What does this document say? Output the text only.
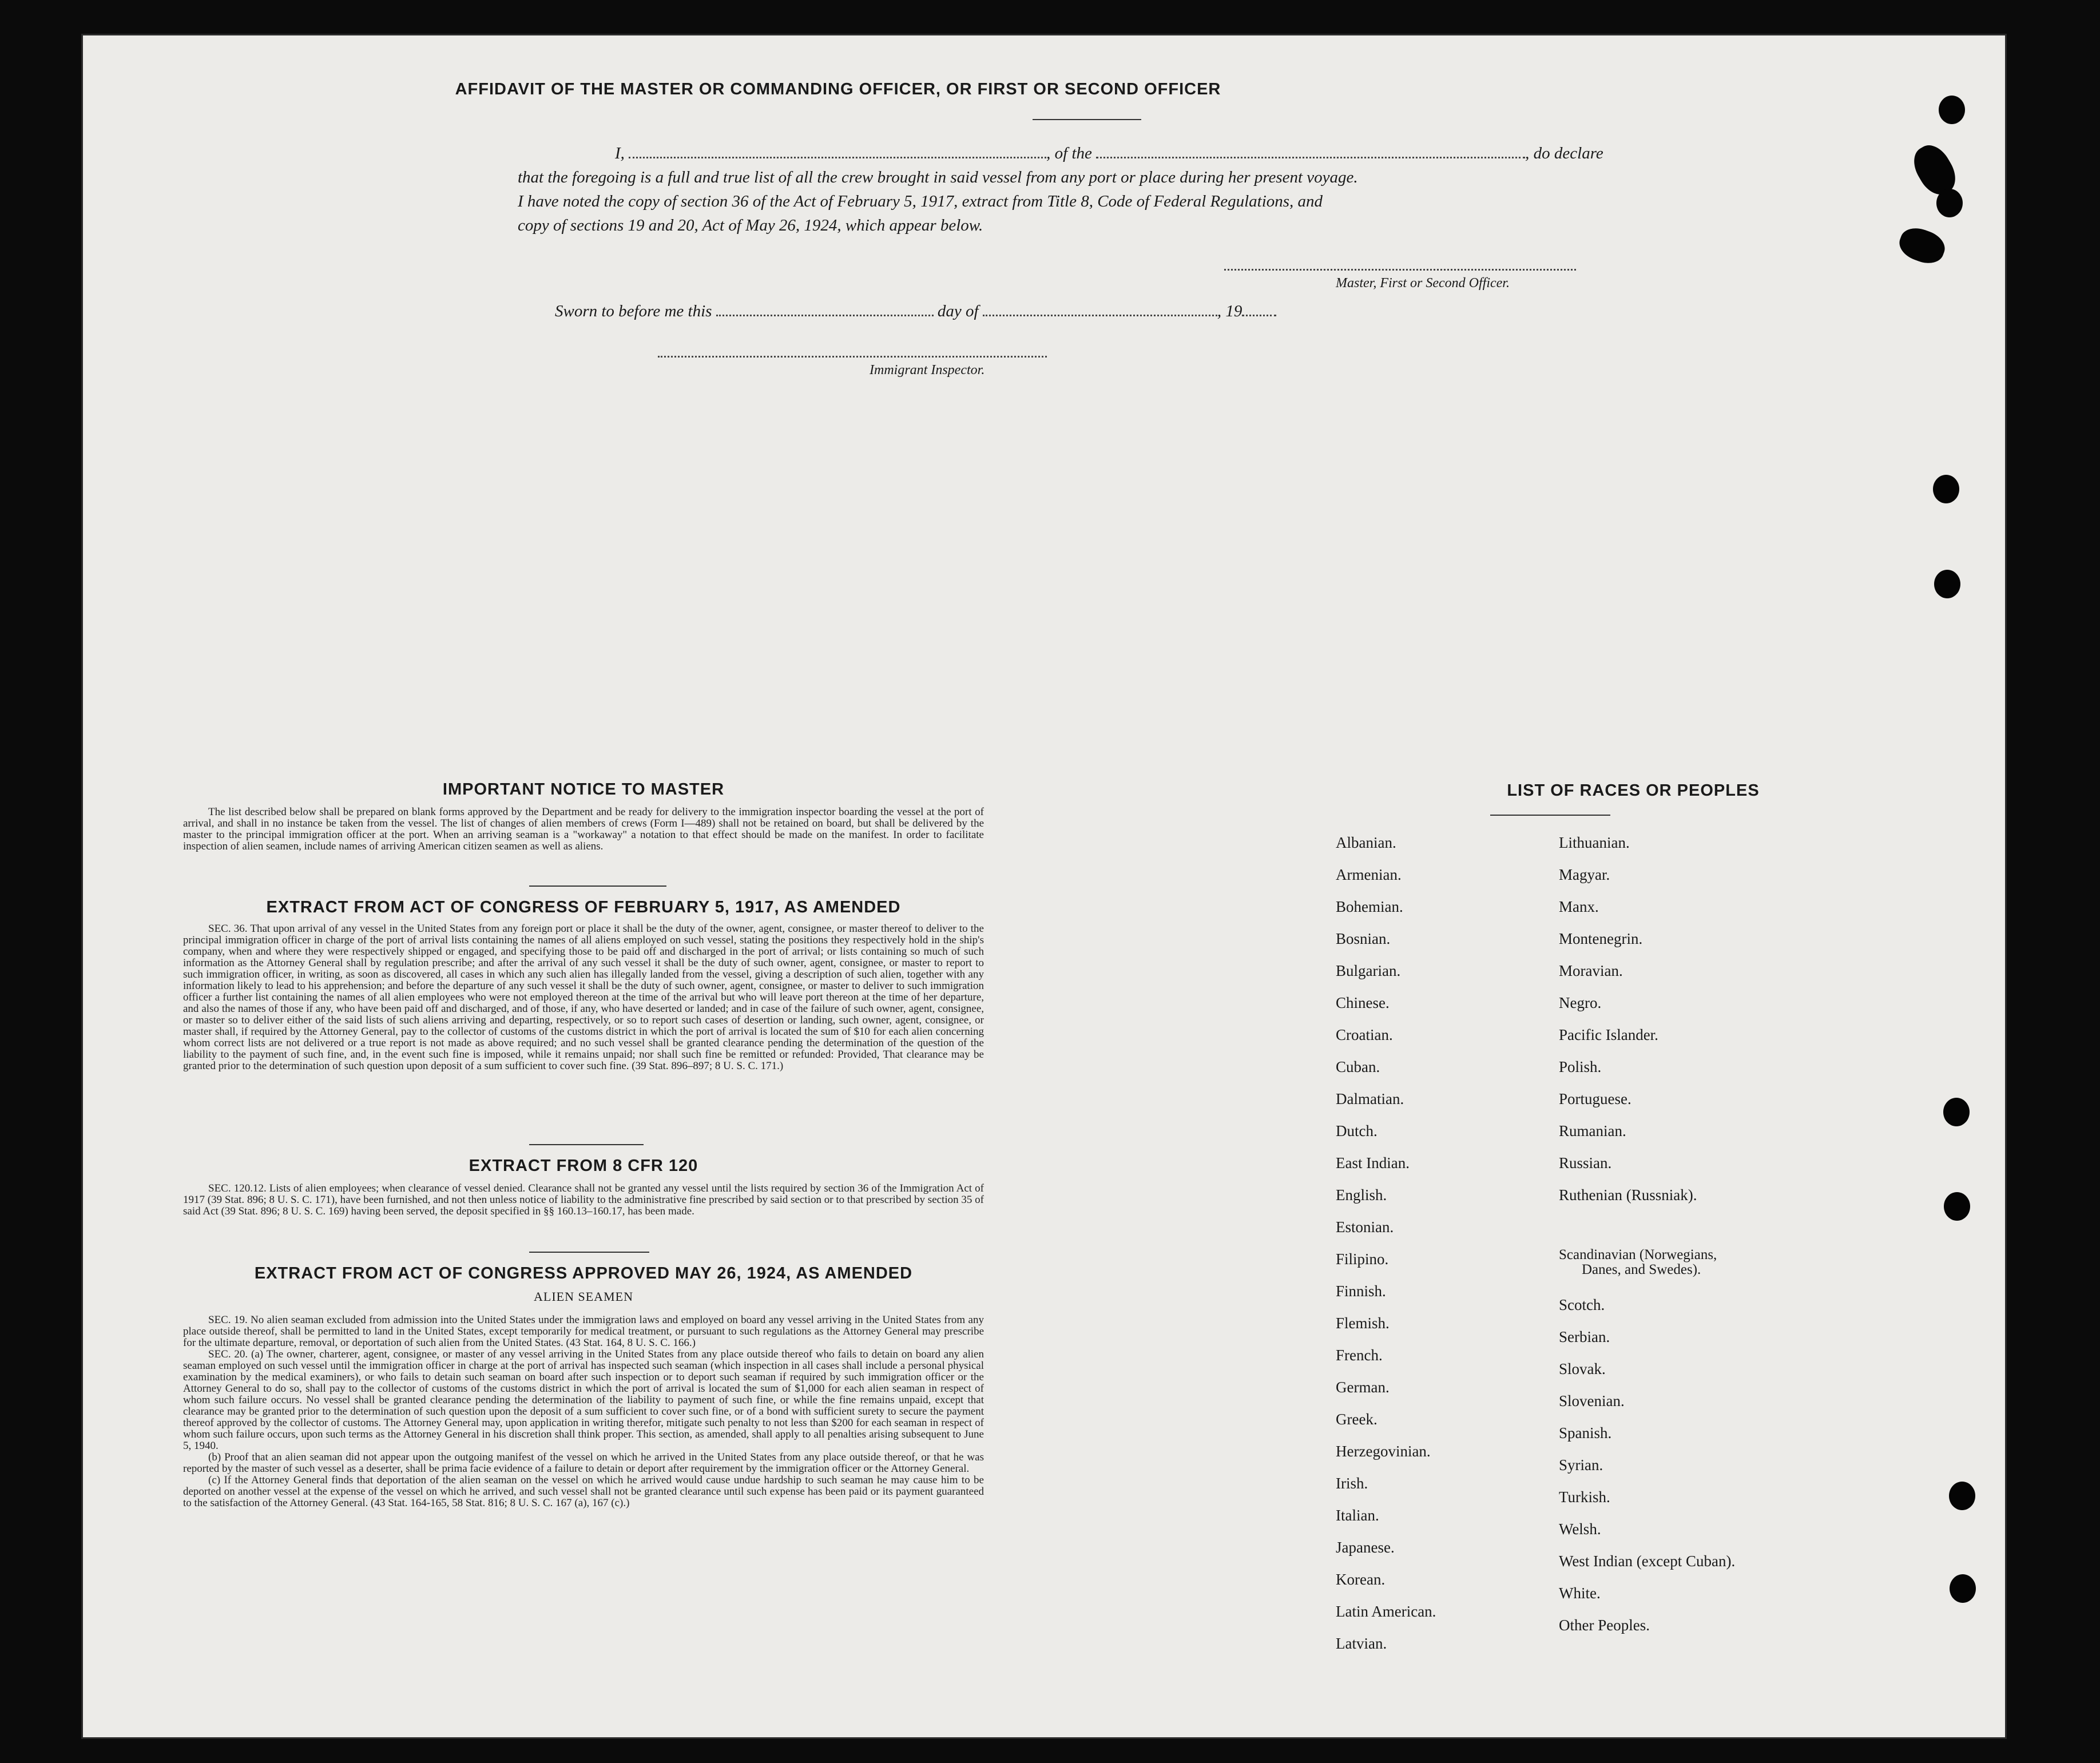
AFFIDAVIT OF THE MASTER OR COMMANDING OFFICER, OR FIRST OR SECOND OFFICER
I,	, of the	, do declare
that the foregoing is a full and true list of all the crew brought in said vessel from any port or place during her present voyage.
I have noted the copy of section 36 of the Act of February 5, 1917, extract from Title 8, Code of Federal Regulations, and
copy of sections 19 and 20, Act of May 26, 1924, which appear below.
Master, First or Second Officer.
Sworn to before me this	day of	, 19
Immigrant Inspector.
IMPORTANT NOTICE TO MASTER

The list described below shall be prepared on blank forms approved by the Department and be ready for delivery to the immigration inspector boarding the vessel at the port of arrival, and shall in no instance be taken from the vessel. The list of changes of alien members of crews (Form I—489) shall not be retained on board, but shall be delivered by the master to the principal immigration officer at the port. When an arriving seaman is a "workaway" a notation to that effect should be made on the manifest. In order to facilitate inspection of alien seamen, include names of arriving American citizen seamen as well as aliens.

EXTRACT FROM ACT OF CONGRESS OF FEBRUARY 5, 1917, AS AMENDED

SEC. 36. That upon arrival of any vessel in the United States from any foreign port or place it shall be the duty of the owner, agent, consignee, or master thereof to deliver to the principal immigration officer in charge of the port of arrival lists containing the names of all aliens employed on such vessel, stating the positions they respectively hold in the ship's company, when and where they were respectively shipped or engaged, and specifying those to be paid off and discharged in the port of arrival; or lists containing so much of such information as the Attorney General shall by regulation prescribe; and after the arrival of any such vessel it shall be the duty of such owner, agent, consignee, or master to report to such immigration officer, in writing, as soon as discovered, all cases in which any such alien has illegally landed from the vessel, giving a description of such alien, together with any information likely to lead to his apprehension; and before the departure of any such vessel it shall be the duty of such owner, agent, consignee, or master to deliver to such immigration officer a further list containing the names of all alien employees who were not employed thereon at the time of the arrival but who will leave port thereon at the time of her departure, and also the names of those if any, who have been paid off and discharged, and of those, if any, who have deserted or landed; and in case of the failure of such owner, agent, consignee, or master so to deliver either of the said lists of such aliens arriving and departing, respectively, or so to report such cases of desertion or landing, such owner, agent, consignee, or master shall, if required by the Attorney General, pay to the collector of customs of the customs district in which the port of arrival is located the sum of $10 for each alien concerning whom correct lists are not delivered or a true report is not made as above required; and no such vessel shall be granted clearance pending the determination of the question of the liability to the payment of such fine, and, in the event such fine is imposed, while it remains unpaid; nor shall such fine be remitted or refunded: Provided, That clearance may be granted prior to the determination of such question upon deposit of a sum sufficient to cover such fine. (39 Stat. 896–897; 8 U. S. C. 171.)

EXTRACT FROM 8 CFR 120

SEC. 120.12. Lists of alien employees; when clearance of vessel denied. Clearance shall not be granted any vessel until the lists required by section 36 of the Immigration Act of 1917 (39 Stat. 896; 8 U. S. C. 171), have been furnished, and not then unless notice of liability to the administrative fine prescribed by said section or to that prescribed by section 35 of said Act (39 Stat. 896; 8 U. S. C. 169) having been served, the deposit specified in §§ 160.13–160.17, has been made.

EXTRACT FROM ACT OF CONGRESS APPROVED MAY 26, 1924, AS AMENDED
ALIEN SEAMEN

SEC. 19. No alien seaman excluded from admission into the United States under the immigration laws and employed on board any vessel arriving in the United States from any place outside thereof, shall be permitted to land in the United States, except temporarily for medical treatment, or pursuant to such regulations as the Attorney General may prescribe for the ultimate departure, removal, or deportation of such alien from the United States. (43 Stat. 164, 8 U. S. C. 166.)

SEC. 20. (a) The owner, charterer, agent, consignee, or master of any vessel arriving in the United States from any place outside thereof who fails to detain on board any alien seaman employed on such vessel until the immigration officer in charge at the port of arrival has inspected such seaman (which inspection in all cases shall include a personal physical examination by the medical examiners), or who fails to detain such seaman on board after such inspection or to deport such seaman if required by such immigration officer or the Attorney General to do so, shall pay to the collector of customs of the customs district in which the port of arrival is located the sum of $1,000 for each alien seaman in respect of whom such failure occurs. No vessel shall be granted clearance pending the determination of the liability to payment of such fine, or while the fine remains unpaid, except that clearance may be granted prior to the determination of such question upon the deposit of a sum sufficient to cover such fine, or of a bond with sufficient surety to secure the payment thereof approved by the collector of customs. The Attorney General may, upon application in writing therefor, mitigate such penalty to not less than $200 for each seaman in respect of whom such failure occurs, upon such terms as the Attorney General in his discretion shall think proper. This section, as amended, shall apply to all penalties arising subsequent to June 5, 1940.

(b) Proof that an alien seaman did not appear upon the outgoing manifest of the vessel on which he arrived in the United States from any place outside thereof, or that he was reported by the master of such vessel as a deserter, shall be prima facie evidence of a failure to detain or deport after requirement by the immigration officer or the Attorney General.

(c) If the Attorney General finds that deportation of the alien seaman on the vessel on which he arrived would cause undue hardship to such seaman he may cause him to be deported on another vessel at the expense of the vessel on which he arrived, and such vessel shall not be granted clearance until such expense has been paid or its payment guaranteed to the satisfaction of the Attorney General. (43 Stat. 164-165, 58 Stat. 816; 8 U. S. C. 167 (a), 167 (c).)

LIST OF RACES OR PEOPLES
Albanian.
Armenian.
Bohemian.
Bosnian.
Bulgarian.
Chinese.
Croatian.
Cuban.
Dalmatian.
Dutch.
East Indian.
English.
Estonian.
Filipino.
Finnish.
Flemish.
French.
German.
Greek.
Herzegovinian.
Irish.
Italian.
Japanese.
Korean.
Latin American.
Latvian.
Lithuanian.
Magyar.
Manx.
Montenegrin.
Moravian.
Negro.
Pacific Islander.
Polish.
Portuguese.
Rumanian.
Russian.
Ruthenian (Russniak).
Scandinavian (Norwegians,
Danes, and Swedes).
Scotch.
Serbian.
Slovak.
Slovenian.
Spanish.
Syrian.
Turkish.
Welsh.
West Indian (except Cuban).
White.
Other Peoples.
